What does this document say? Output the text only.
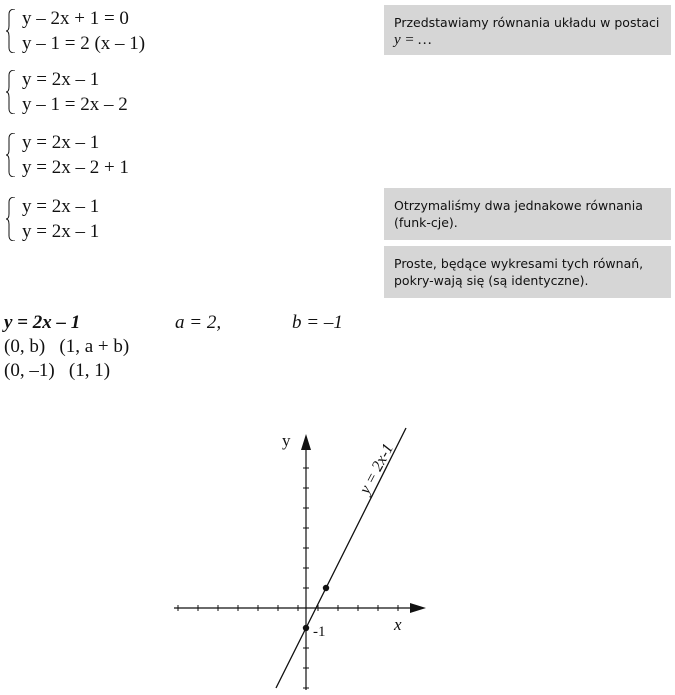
y – 2x + 1 = 0
y – 1 = 2 (x – 1)
y = 2x – 1
y – 1 = 2x – 2
y = 2x – 1
y = 2x – 2 + 1
y = 2x – 1
y = 2x – 1
Przedstawiamy równania układu w postaci
y = …
Otrzymaliśmy dwa jednakowe równania (funk-cje).
Proste, będące wykresami tych równań, pokry-wają się (są identyczne).
y = 2x – 1	a = 2,	b = –1
(0, b)   (1, a + b)
(0, –1)   (1, 1)
y
x
-1
y = 2x-1
